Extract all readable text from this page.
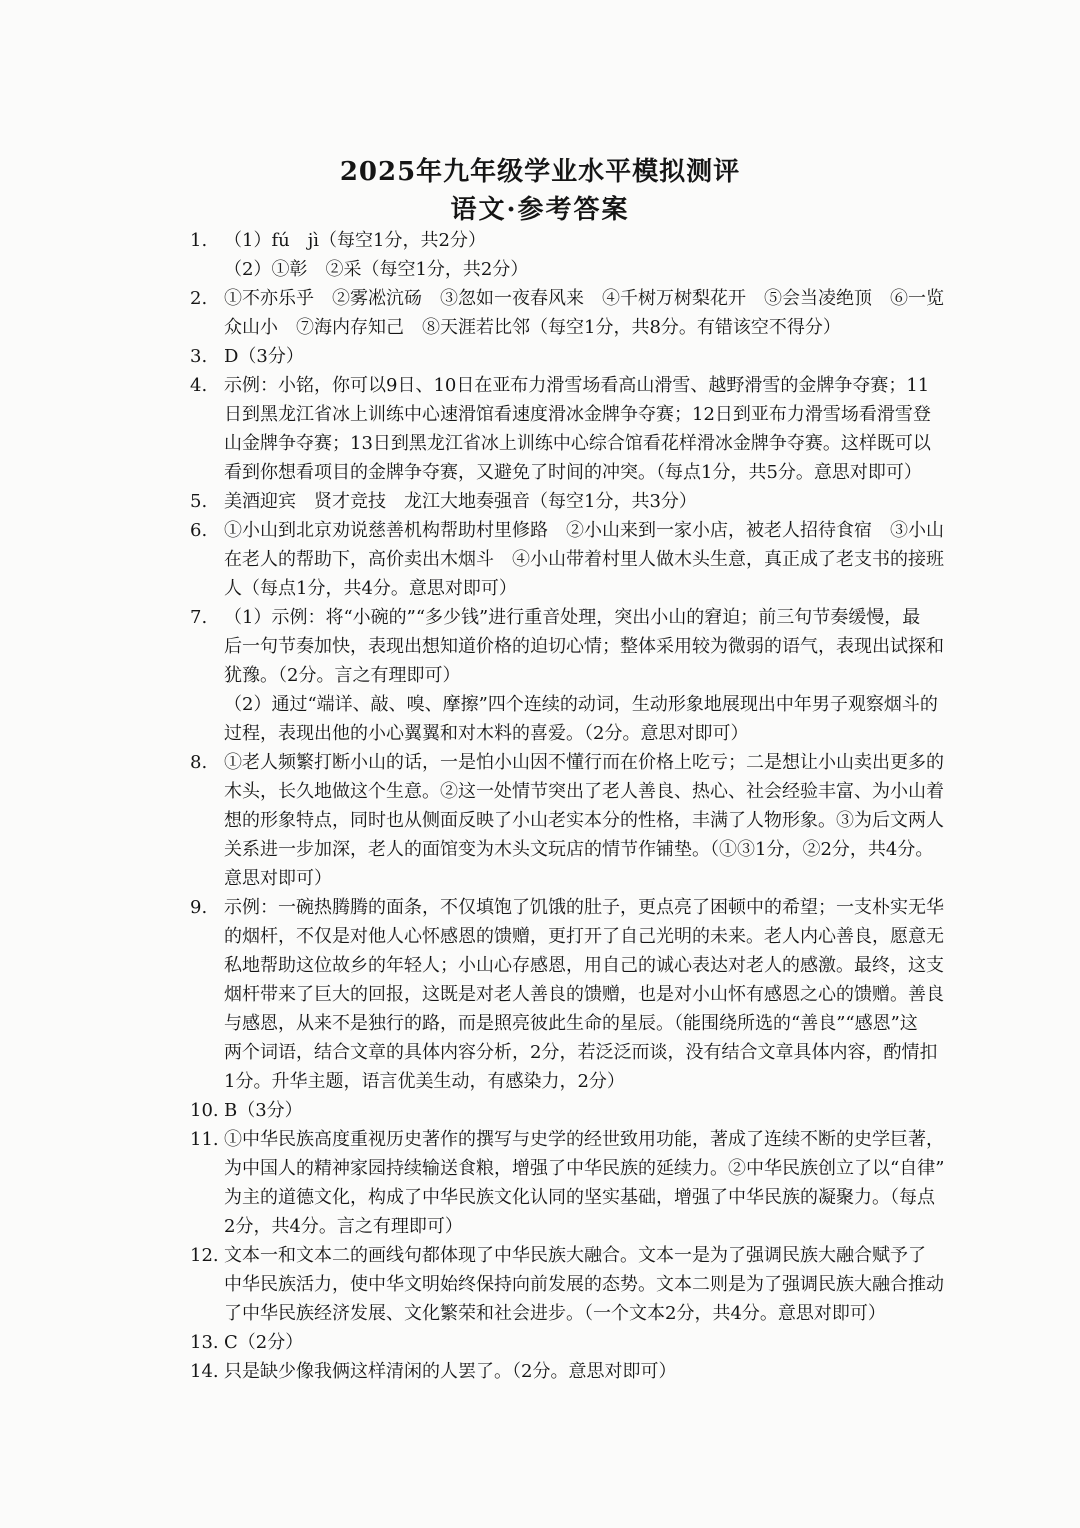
2025年九年级学业水平模拟测评
语文·参考答案
1. （1）fú　jì（每空1分，共2分）
（2）①彰　②采（每空1分，共2分）
2. ①不亦乐乎　②雾凇沆砀　③忽如一夜春风来　④千树万树梨花开　⑤会当凌绝顶　⑥一览
众山小　⑦海内存知己　⑧天涯若比邻（每空1分，共8分。有错该空不得分）
3. D（3分）
4. 示例：小铭，你可以9日、10日在亚布力滑雪场看高山滑雪、越野滑雪的金牌争夺赛；11
日到黑龙江省冰上训练中心速滑馆看速度滑冰金牌争夺赛；12日到亚布力滑雪场看滑雪登
山金牌争夺赛；13日到黑龙江省冰上训练中心综合馆看花样滑冰金牌争夺赛。这样既可以
看到你想看项目的金牌争夺赛，又避免了时间的冲突。（每点1分，共5分。意思对即可）
5. 美酒迎宾　贤才竞技　龙江大地奏强音（每空1分，共3分）
6. ①小山到北京劝说慈善机构帮助村里修路　②小山来到一家小店，被老人招待食宿　③小山
在老人的帮助下，高价卖出木烟斗　④小山带着村里人做木头生意，真正成了老支书的接班
人（每点1分，共4分。意思对即可）
7. （1）示例：将“小碗的”“多少钱”进行重音处理，突出小山的窘迫；前三句节奏缓慢，最
后一句节奏加快，表现出想知道价格的迫切心情；整体采用较为微弱的语气，表现出试探和
犹豫。（2分。言之有理即可）
（2）通过“端详、敲、嗅、摩擦”四个连续的动词，生动形象地展现出中年男子观察烟斗的
过程，表现出他的小心翼翼和对木料的喜爱。（2分。意思对即可）
8. ①老人频繁打断小山的话，一是怕小山因不懂行而在价格上吃亏；二是想让小山卖出更多的
木头，长久地做这个生意。②这一处情节突出了老人善良、热心、社会经验丰富、为小山着
想的形象特点，同时也从侧面反映了小山老实本分的性格，丰满了人物形象。③为后文两人
关系进一步加深，老人的面馆变为木头文玩店的情节作铺垫。（①③1分，②2分，共4分。
意思对即可）
9. 示例：一碗热腾腾的面条，不仅填饱了饥饿的肚子，更点亮了困顿中的希望；一支朴实无华
的烟杆，不仅是对他人心怀感恩的馈赠，更打开了自己光明的未来。老人内心善良，愿意无
私地帮助这位故乡的年轻人；小山心存感恩，用自己的诚心表达对老人的感激。最终，这支
烟杆带来了巨大的回报，这既是对老人善良的馈赠，也是对小山怀有感恩之心的馈赠。善良
与感恩，从来不是独行的路，而是照亮彼此生命的星辰。（能围绕所选的“善良”“感恩”这
两个词语，结合文章的具体内容分析，2分，若泛泛而谈，没有结合文章具体内容，酌情扣
1分。升华主题，语言优美生动，有感染力，2分）
10. B（3分）
11. ①中华民族高度重视历史著作的撰写与史学的经世致用功能，著成了连续不断的史学巨著，
为中国人的精神家园持续输送食粮，增强了中华民族的延续力。②中华民族创立了以“自律”
为主的道德文化，构成了中华民族文化认同的坚实基础，增强了中华民族的凝聚力。（每点
2分，共4分。言之有理即可）
12. 文本一和文本二的画线句都体现了中华民族大融合。文本一是为了强调民族大融合赋予了
中华民族活力，使中华文明始终保持向前发展的态势。文本二则是为了强调民族大融合推动
了中华民族经济发展、文化繁荣和社会进步。（一个文本2分，共4分。意思对即可）
13. C（2分）
14. 只是缺少像我俩这样清闲的人罢了。（2分。意思对即可）
